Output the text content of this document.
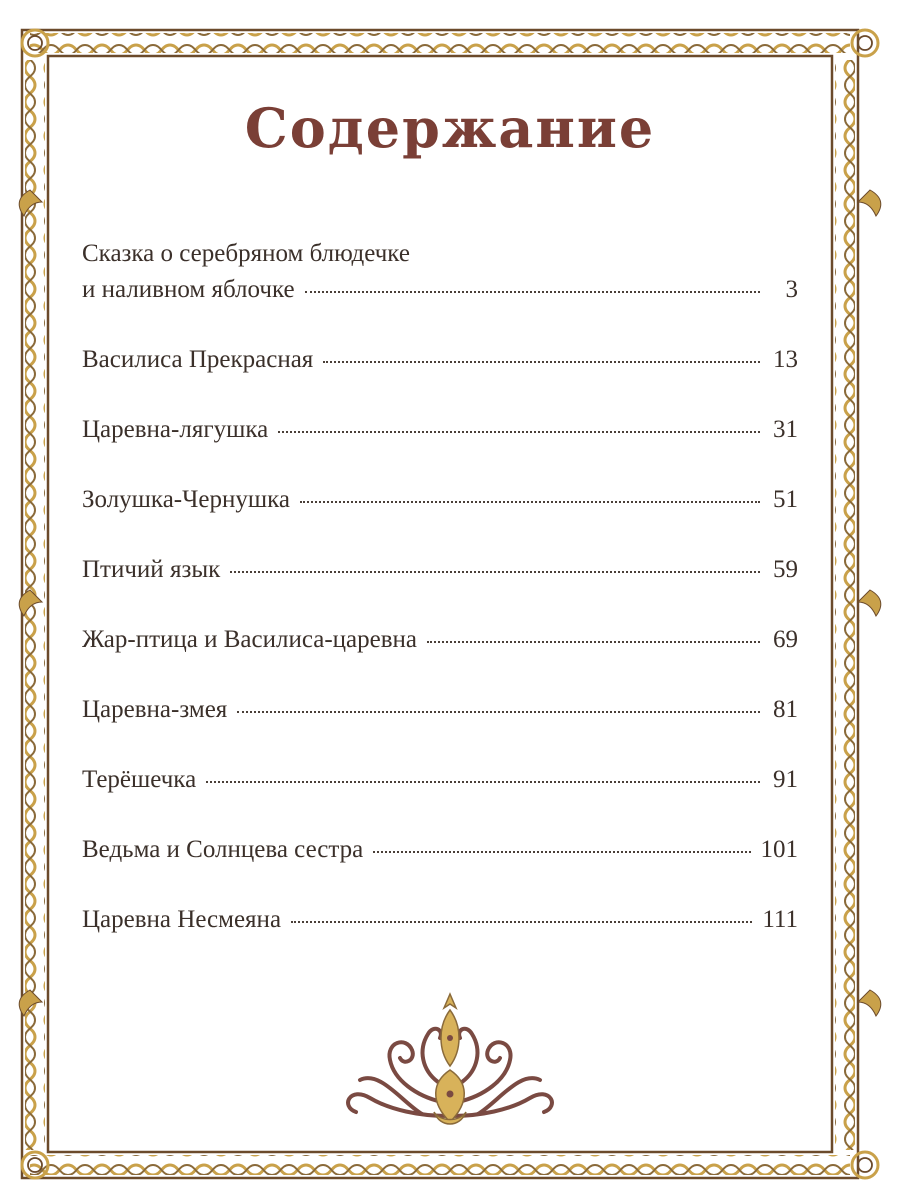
Содержание
Сказка о серебряном блюдечке
и наливном яблочке	3
Василиса Прекрасная	13
Царевна-лягушка	31
Золушка-Чернушка	51
Птичий язык	59
Жар-птица и Василиса-царевна	69
Царевна-змея	81
Терёшечка	91
Ведьма и Солнцева сестра	101
Царевна Несмеяна	111
